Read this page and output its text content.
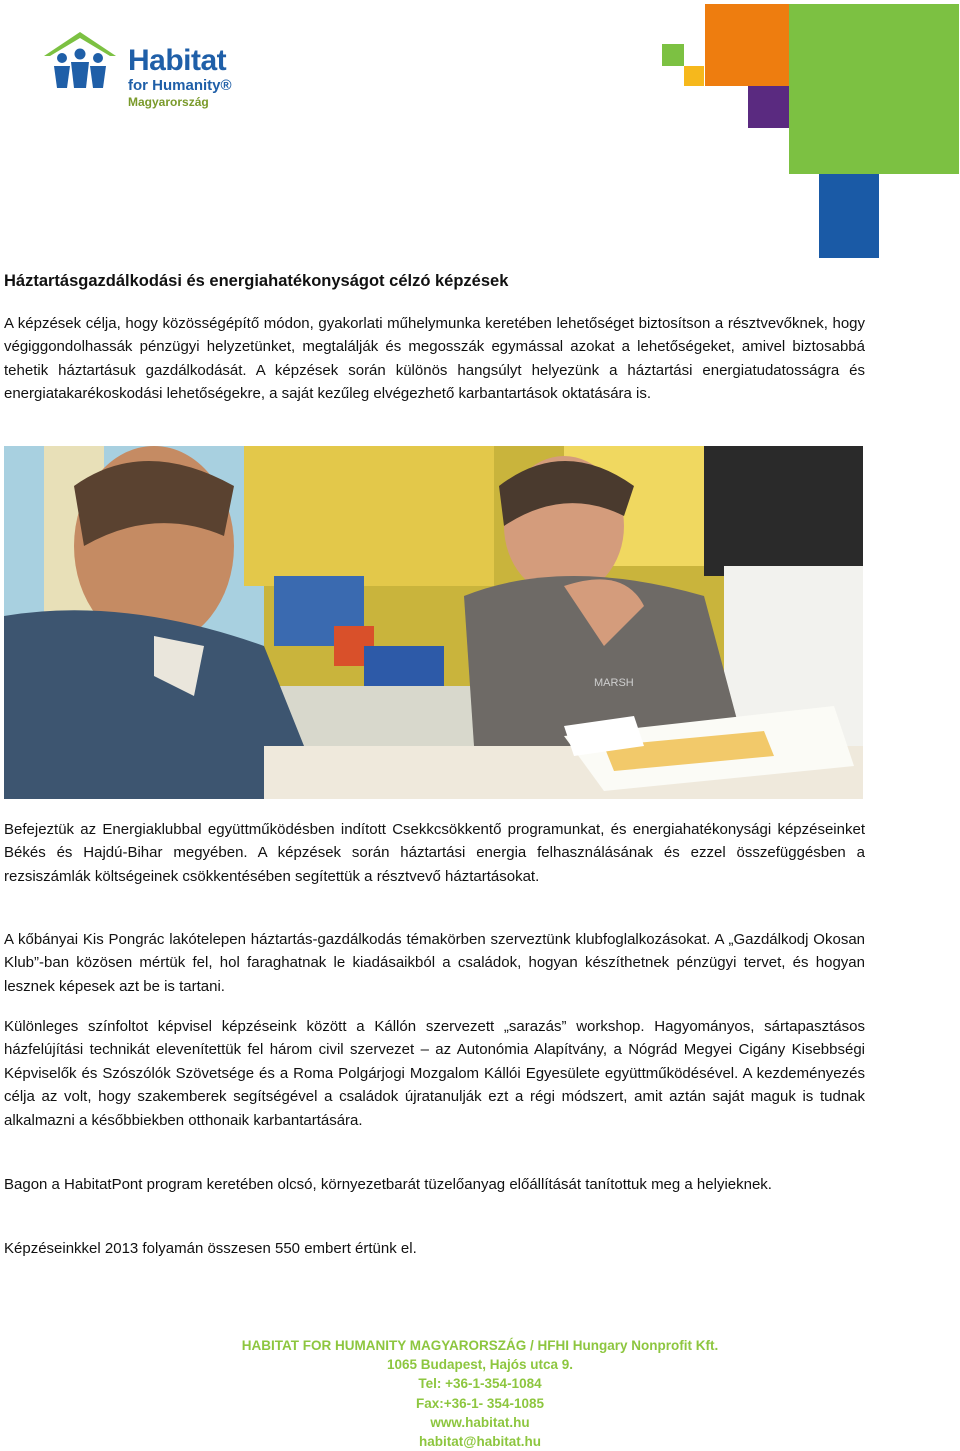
Habitat
for Humanity®
Magyarország
Háztartásgazdálkodási és energiahatékonyságot célzó képzések

A képzések célja, hogy közösségépítő módon, gyakorlati műhelymunka keretében lehetőséget biztosítson a résztvevőknek, hogy végiggondolhassák pénzügyi helyzetünket, megtalálják és megosszák egymással azokat a lehetőségeket, amivel biztosabbá tehetik háztartásuk gazdálkodását. A képzések során különös hangsúlyt helyezünk a háztartási energiatudatosságra és energiatakarékoskodási lehetőségekre, a saját kezűleg elvégezhető karbantartások oktatására is.

MARSH

Befejeztük az Energiaklubbal együttműködésben indított Csekkcsökkentő programunkat, és energiahatékonysági képzéseinket Békés és Hajdú-Bihar megyében. A képzések során háztartási energia felhasználásának és ezzel összefüggésben a rezsiszámlák költségeinek csökkentésében segítettük a résztvevő háztartásokat.

A kőbányai Kis Pongrác lakótelepen háztartás-gazdálkodás témakörben szerveztünk klubfoglalkozásokat. A „Gazdálkodj Okosan Klub”-ban közösen mértük fel, hol faraghatnak le kiadásaikból a családok, hogyan készíthetnek pénzügyi tervet, és hogyan lesznek képesek azt be is tartani.

Különleges színfoltot képvisel képzéseink között a Kállón szervezett „sarazás” workshop. Hagyományos, sártapasztásos házfelújítási technikát elevenítettük fel három civil szervezet – az Autonómia Alapítvány, a Nógrád Megyei Cigány Kisebbségi Képviselők és Szószólók Szövetsége és a Roma Polgárjogi Mozgalom Kállói Egyesülete együttműködésével. A kezdeményezés célja az volt, hogy szakemberek segítségével a családok újratanulják ezt a régi módszert, amit aztán saját maguk is tudnak alkalmazni a későbbiekben otthonaik karbantartására.

Bagon a HabitatPont program keretében olcsó, környezetbarát tüzelőanyag előállítását tanítottuk meg a helyieknek.

Képzéseinkkel 2013 folyamán összesen 550 embert értünk el.

HABITAT FOR HUMANITY MAGYARORSZÁG / HFHI Hungary Nonprofit Kft.
1065 Budapest, Hajós utca 9.
Tel: +36-1-354-1084
Fax:+36-1- 354-1085
www.habitat.hu
habitat@habitat.hu
